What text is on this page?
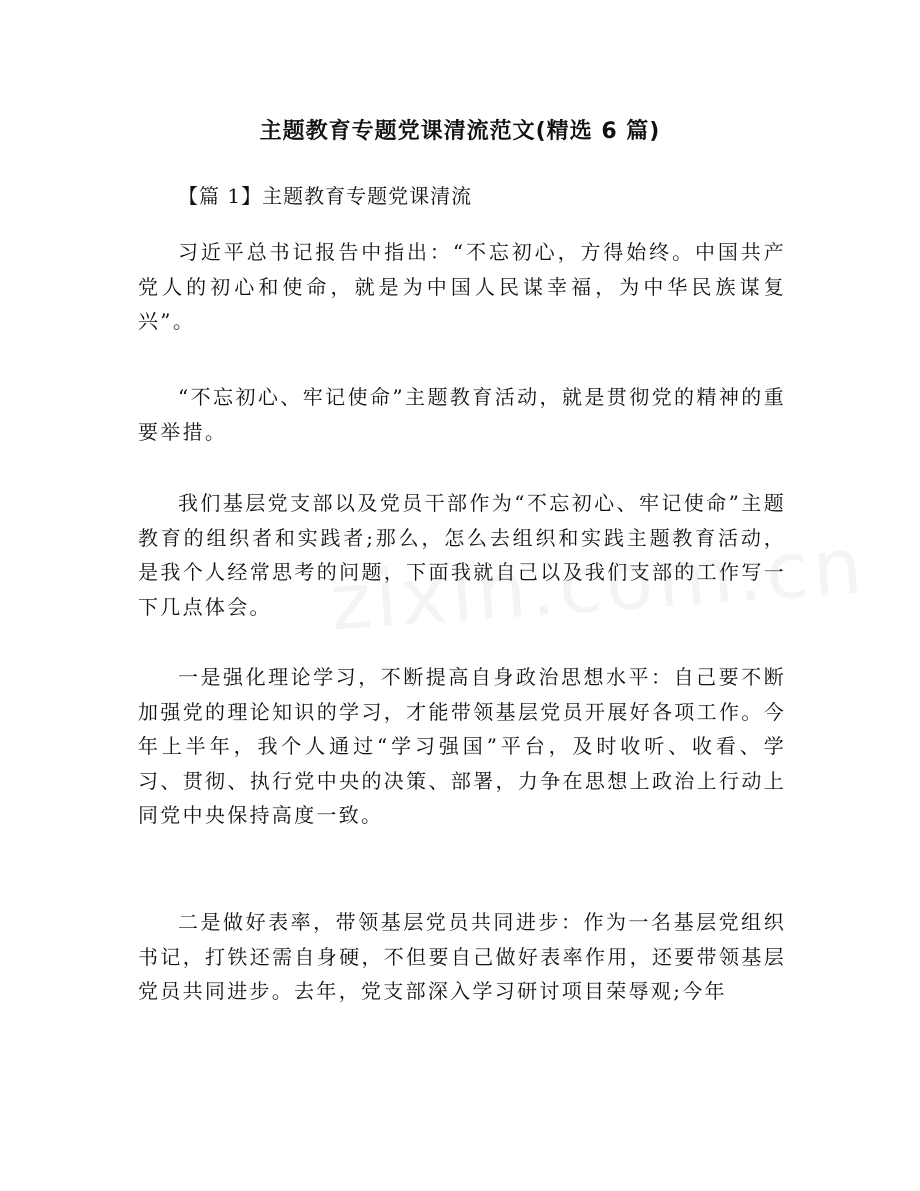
主题教育专题党课清流范文(精选 6 篇)

【篇 1】主题教育专题党课清流

习近平总书记报告中指出：“不忘初心，方得始终。中国共产党人的初心和使命，就是为中国人民谋幸福，为中华民族谋复兴”。

“不忘初心、牢记使命”主题教育活动，就是贯彻党的精神的重要举措。

我们基层党支部以及党员干部作为“不忘初心、牢记使命”主题教育的组织者和实践者;那么，怎么去组织和实践主题教育活动，是我个人经常思考的问题，下面我就自己以及我们支部的工作写一下几点体会。

一是强化理论学习，不断提高自身政治思想水平：自己要不断加强党的理论知识的学习，才能带领基层党员开展好各项工作。今年上半年，我个人通过“学习强国”平台，及时收听、收看、学习、贯彻、执行党中央的决策、部署，力争在思想上政治上行动上同党中央保持高度一致。

二是做好表率，带领基层党员共同进步：作为一名基层党组织书记，打铁还需自身硬，不但要自己做好表率作用，还要带领基层党员共同进步。去年，党支部深入学习研讨项目荣辱观;今年
